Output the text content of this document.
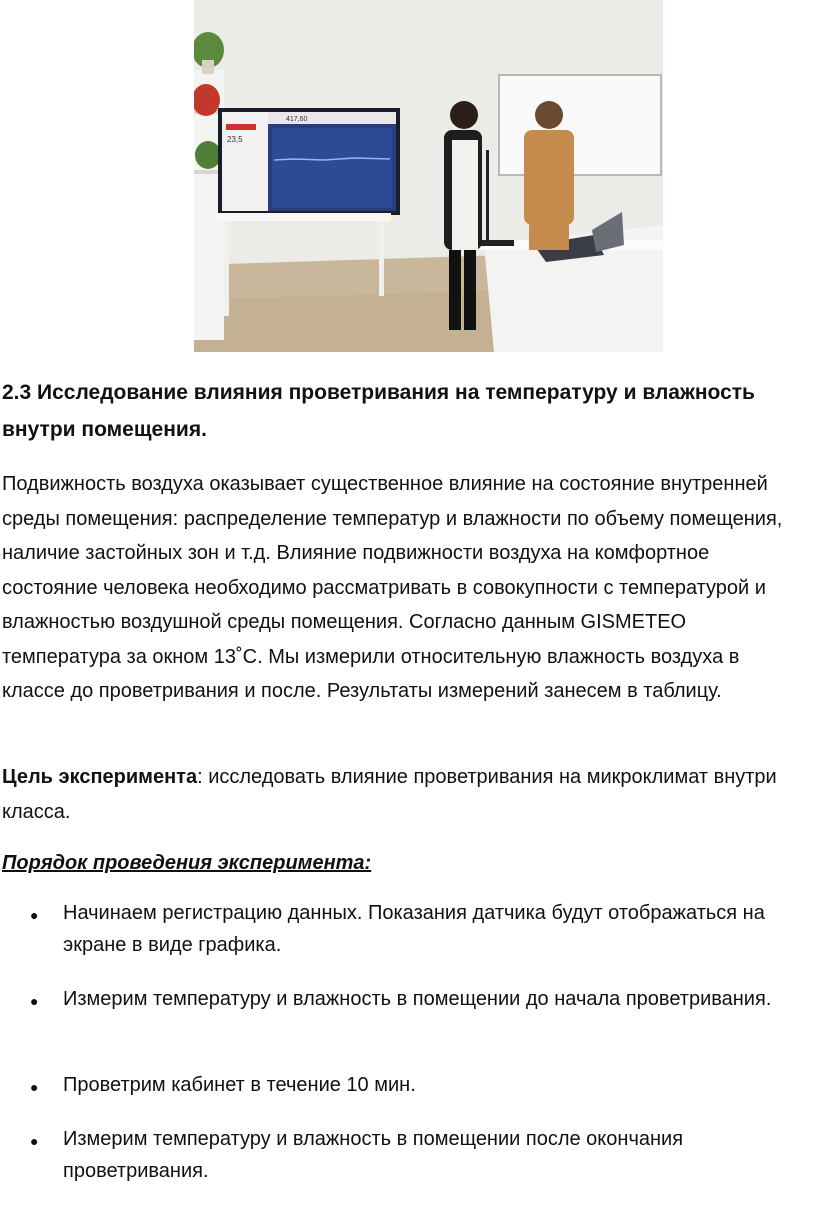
23,5
417,60
2.3 Исследование влияния проветривания на температуру и влажность внутри помещения.

Подвижность воздуха оказывает существенное влияние на состояние внутренней среды помещения: распределение температур и влажности по объему помещения, наличие застойных зон и т.д. Влияние подвижности воздуха на комфортное состояние человека необходимо рассматривать в совокупности с температурой и влажностью воздушной среды помещения. Согласно данным GISMETEO температура за окном 13˚С. Мы измерили относительную влажность воздуха в классе до проветривания и после. Результаты измерений занесем в таблицу.

Цель эксперимента: исследовать влияние проветривания на микроклимат внутри класса.

Порядок проведения эксперимента:
● Начинаем регистрацию данных. Показания датчика будут отображаться на экране в виде графика.
● Измерим температуру и влажность в помещении до начала проветривания.
● Проветрим кабинет в течение 10 мин.
● Измерим температуру и влажность в помещении после окончания проветривания.
